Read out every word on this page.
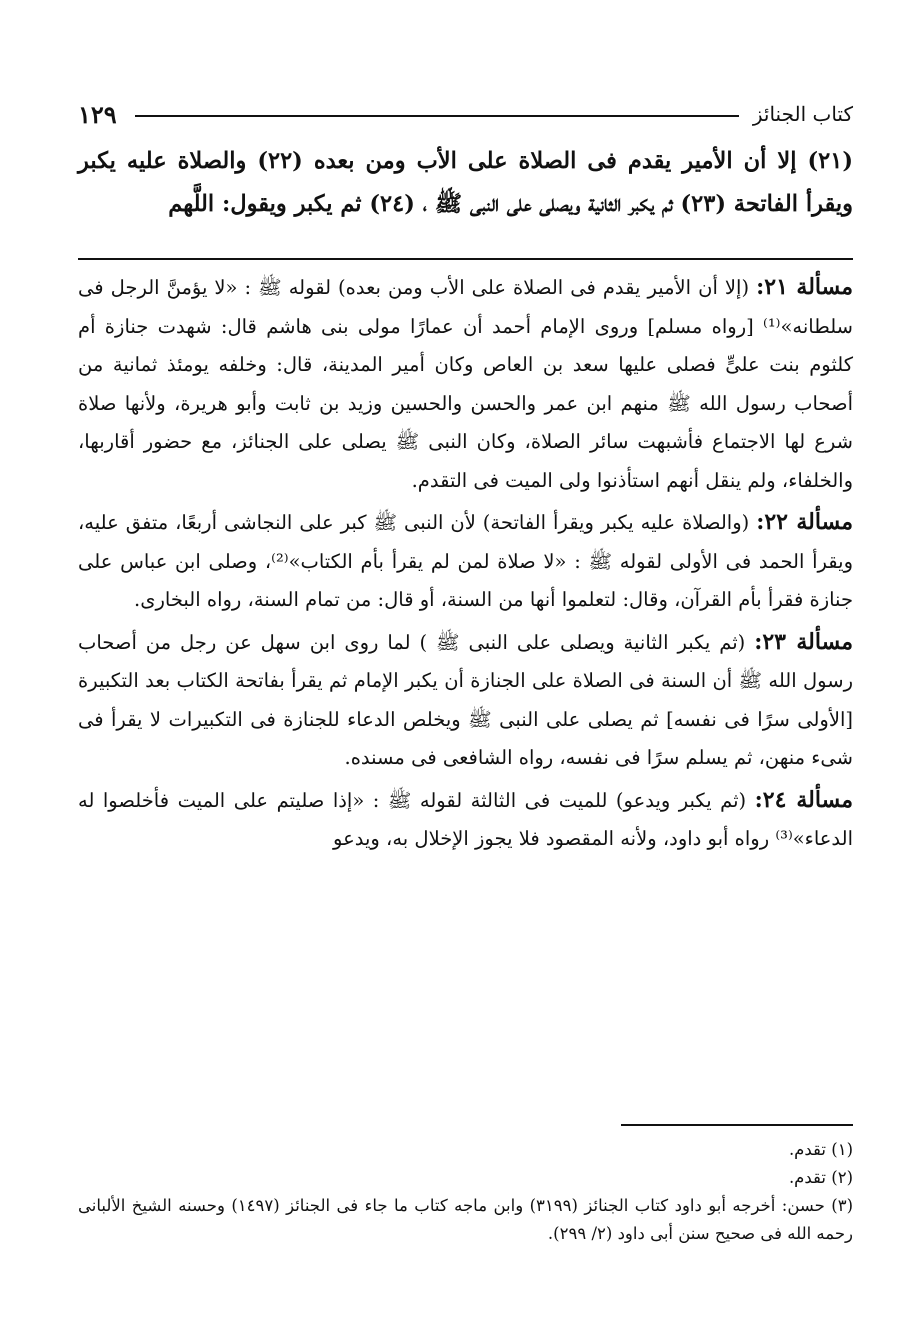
١٢٩	كتاب الجنائز
(٢١) إلا أن الأمير يقدم فى الصلاة على الأب ومن بعده (٢٢) والصلاة عليه يكبر ويقرأ الفاتحة (٢٣) ثم يكبر الثانية ويصلى على النبى ﷺ ، (٢٤) ثم يكبر ويقول: اللَّهم

مسألة ٢١: (إلا أن الأمير يقدم فى الصلاة على الأب ومن بعده) لقوله ﷺ : «لا يؤمنَّ الرجل فى سلطانه»⁽¹⁾ [رواه مسلم] وروى الإمام أحمد أن عمارًا مولى بنى هاشم قال: شهدت جنازة أم كلثوم بنت علىٍّ فصلى عليها سعد بن العاص وكان أمير المدينة، قال: وخلفه يومئذ ثمانية من أصحاب رسول الله ﷺ منهم ابن عمر والحسن والحسين وزيد بن ثابت وأبو هريرة، ولأنها صلاة شرع لها الاجتماع فأشبهت سائر الصلاة، وكان النبى ﷺ يصلى على الجنائز، مع حضور أقاربها، والخلفاء، ولم ينقل أنهم استأذنوا ولى الميت فى التقدم.

مسألة ٢٢: (والصلاة عليه يكبر ويقرأ الفاتحة) لأن النبى ﷺ كبر على النجاشى أربعًا، متفق عليه، ويقرأ الحمد فى الأولى لقوله ﷺ : «لا صلاة لمن لم يقرأ بأم الكتاب»⁽²⁾، وصلى ابن عباس على جنازة فقرأ بأم القرآن، وقال: لتعلموا أنها من السنة، أو قال: من تمام السنة، رواه البخارى.

مسألة ٢٣: (ثم يكبر الثانية ويصلى على النبى ﷺ ) لما روى ابن سهل عن رجل من أصحاب رسول الله ﷺ أن السنة فى الصلاة على الجنازة أن يكبر الإمام ثم يقرأ بفاتحة الكتاب بعد التكبيرة [الأولى سرًا فى نفسه] ثم يصلى على النبى ﷺ ويخلص الدعاء للجنازة فى التكبيرات لا يقرأ فى شىء منهن، ثم يسلم سرًا فى نفسه، رواه الشافعى فى مسنده.

مسألة ٢٤: (ثم يكبر ويدعو) للميت فى الثالثة لقوله ﷺ : «إذا صليتم على الميت فأخلصوا له الدعاء»⁽³⁾ رواه أبو داود، ولأنه المقصود فلا يجوز الإخلال به، ويدعو

(١) تقدم.

(٢) تقدم.

(٣) حسن: أخرجه أبو داود كتاب الجنائز (٣١٩٩) وابن ماجه كتاب ما جاء فى الجنائز (١٤٩٧) وحسنه الشيخ الألبانى رحمه الله فى صحيح سنن أبى داود (٢/ ٢٩٩).
